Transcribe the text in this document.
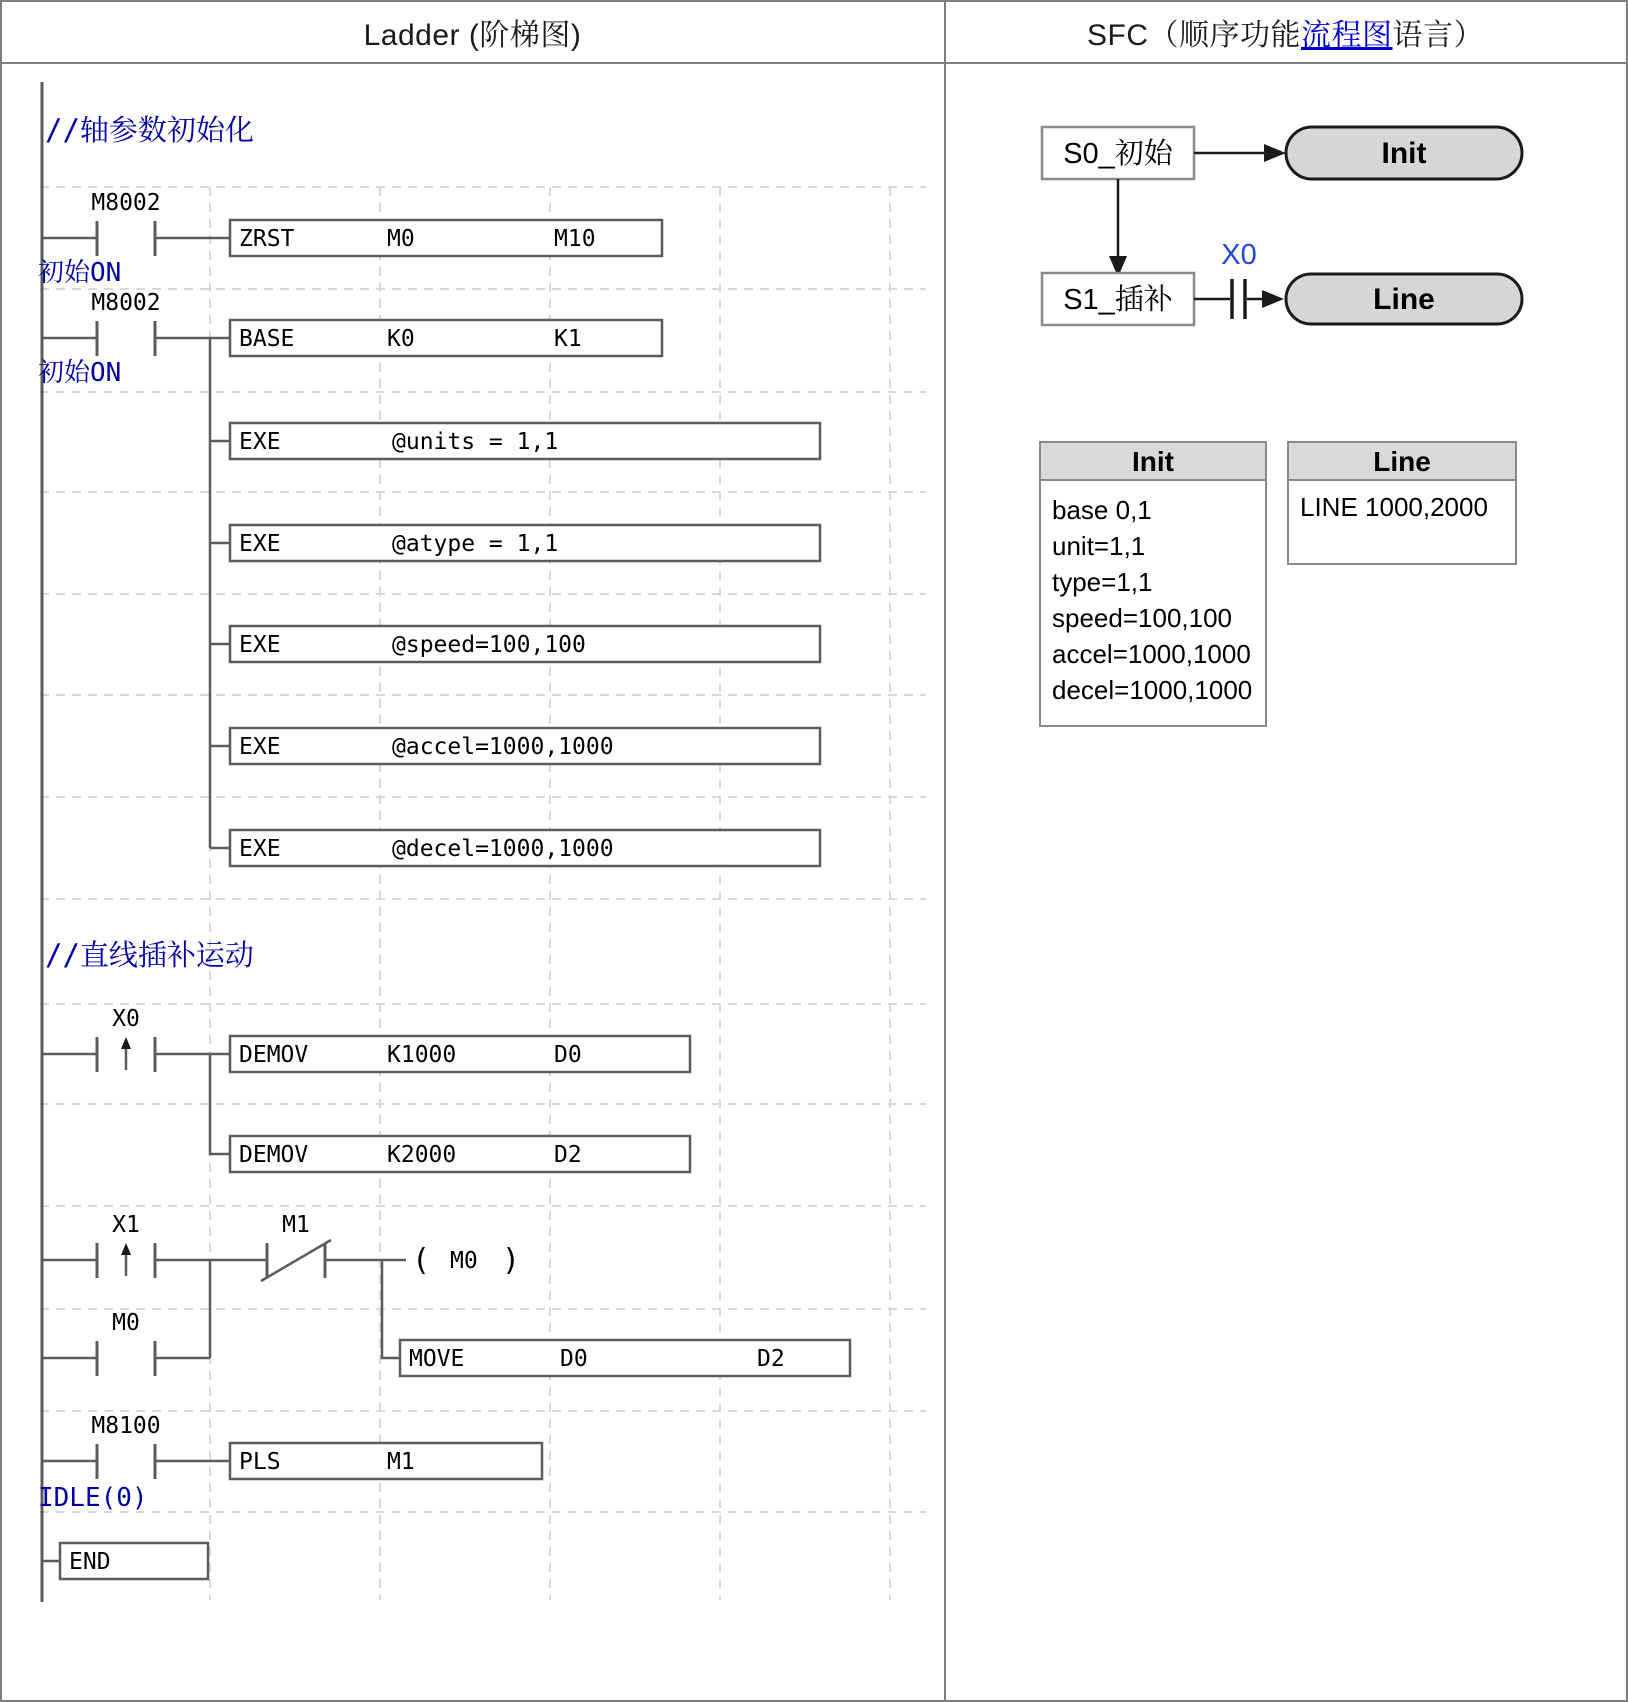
Ladder (阶梯图)	SFC（顺序功能 流程图 语言）
//轴参数初始化
M8002
初始ON
ZRST	M0	M10
M8002
初始ON
BASE	K0	K1
EXE	@units = 1,1
EXE	@atype = 1,1
EXE	@speed=100,100
EXE	@accel=1000,1000
EXE	@decel=1000,1000
//直线插补运动
X0
DEMOV	K1000	D0
DEMOV	K2000	D2
X1
M0
M1
( M0 )
MOVE	D0	D2
M8100
IDLE(0)
PLS	M1
END
S0_初始	Init
X0
S1_插补	Line
Init
base 0,1
unit=1,1
type=1,1
speed=100,100
accel=1000,1000
decel=1000,1000
Line
LINE 1000,2000
